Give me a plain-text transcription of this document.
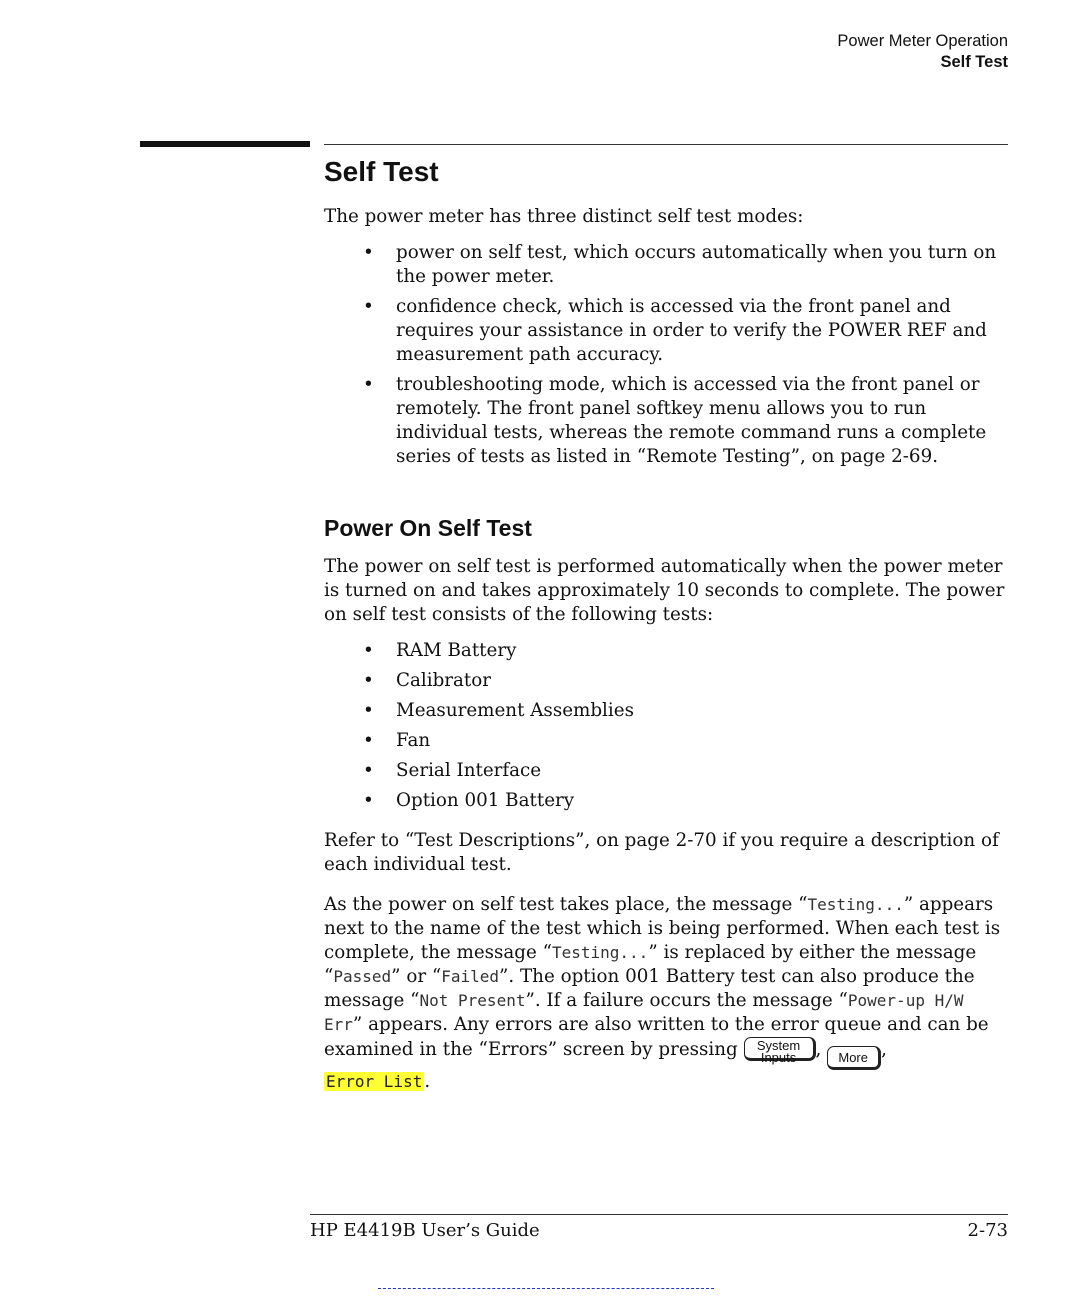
Power Meter Operation
Self Test
Self Test

The power meter has three distinct self test modes:

• power on self test, which occurs automatically when you turn on the power meter.
• confidence check, which is accessed via the front panel and requires your assistance in order to verify the POWER REF and measurement path accuracy.
• troubleshooting mode, which is accessed via the front panel or remotely. The front panel softkey menu allows you to run individual tests, whereas the remote command runs a complete series of tests as listed in “Remote Testing”, on page 2-69.
Power On Self Test

The power on self test is performed automatically when the power meter is turned on and takes approximately 10 seconds to complete. The power on self test consists of the following tests:

• RAM Battery
• Calibrator
• Measurement Assemblies
• Fan
• Serial Interface
• Option 001 Battery

Refer to “Test Descriptions”, on page 2-70 if you require a description of each individual test.

As the power on self test takes place, the message “Testing...” appears next to the name of the test which is being performed. When each test is complete, the message “Testing...” is replaced by either the message “Passed” or “Failed”. The option 001 Battery test can also produce the message “Not Present”. If a failure occurs the message “Power-up H/W Err” appears. Any errors are also written to the error queue and can be examined in the “Errors” screen by pressing	System
Inputs	, More ,
Error List .

HP E4419B User’s Guide	2-73
